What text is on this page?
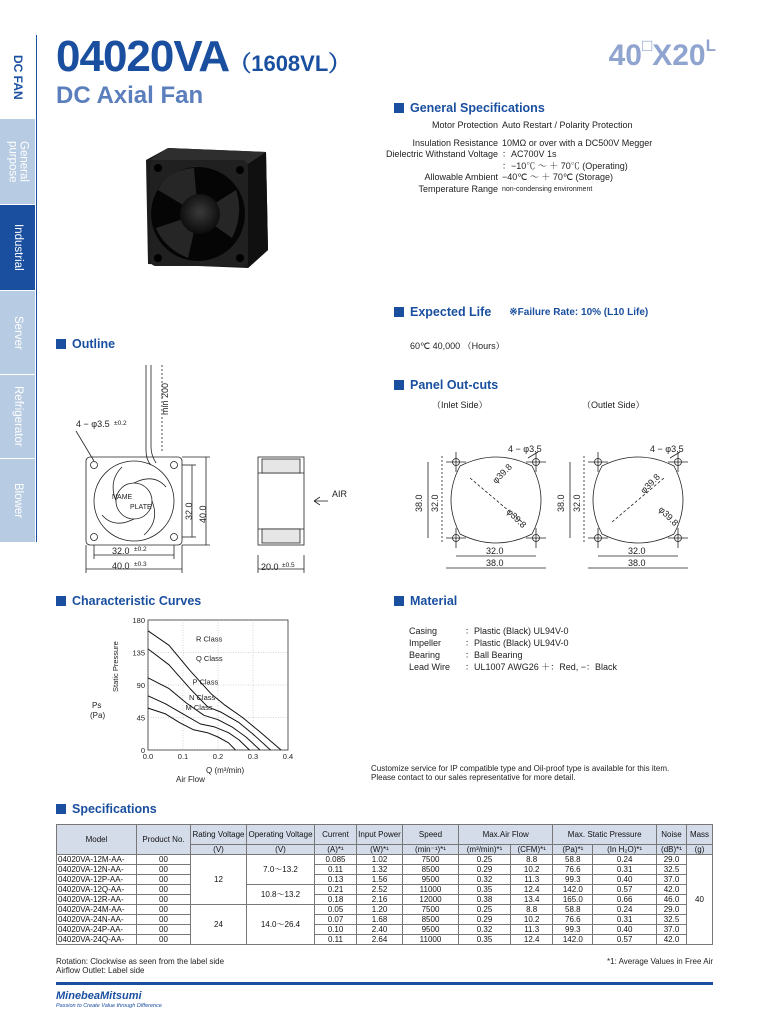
DC FAN
General
purpose
Industrial
Server
Refrigerator
Blower
04020VA（1608VL）
DC Axial Fan
$40^□X20^L$
General Specifications
Motor Protection Auto Restart / Polarity Protection
Insulation Resistance 10MΩ or over with a DC500V Megger
Dielectric Withstand Voltage ：AC700V 1s
：−10℃ ～ ＋ 70℃ (Operating)
Allowable Ambient −40℃ ～ ＋ 70℃ (Storage)
Temperature Range non-condensing environment
Expected Life ※Failure Rate: 10% (L10 Life)
60℃ 40,000 （Hours）
Outline
4 − φ3.5 ±0.2
min 200
NAME
PLATE
32.0 ±0.2
40.0 ±0.3
32.0 40.0
20.0 ±0.5
AIR
Panel Out-cuts
（Inlet Side）	（Outlet Side）
4 − φ3.5
38.0 32.0
32.0
38.0
φ39.8
φ39.8
4 − φ3.5
38.0 32.0
32.0
38.0
φ39.8
φ39.8
Characteristic Curves
R Class
Q Class
P Class
N Class
M Class
0.0	0.1	0.2	0.3	0.4
0
45
90
135
180
Static Pressure
Ps
(Pa)
Q (m³/min)
Air Flow
Material
Casing	：Plastic (Black) UL94V-0
Impeller	：Plastic (Black) UL94V-0
Bearing	：Ball Bearing
Lead Wire	：UL1007 AWG26 ＋：Red, −：Black
Customize service for IP compatible type and Oil-proof type is available for this item.
Please contact to our sales representative for more detail.
Specifications
Model	Product No.	Rating Voltage	Operating Voltage	Current	Input Power	Speed	Max.Air Flow		Max. Static Pressure		Noise	Mass
		(V)	(V)	(A)*¹	(W)*¹	(min⁻¹)*¹	(m³/min)*¹	(CFM)*¹	(Pa)*¹	(In H₂O)*¹	(dB)*¹	(g)
04020VA-12M-AA-	00	12	7.0～13.2	0.085	1.02	7500	0.25	8.8	58.8	0.24	29.0	40
04020VA-12N-AA-	00			0.11	1.32	8500	0.29	10.2	76.6	0.31	32.5	
04020VA-12P-AA-	00			0.13	1.56	9500	0.32	11.3	99.3	0.40	37.0	
04020VA-12Q-AA-	00		10.8～13.2	0.21	2.52	11000	0.35	12.4	142.0	0.57	42.0	
04020VA-12R-AA-	00			0.18	2.16	12000	0.38	13.4	165.0	0.66	46.0	
04020VA-24M-AA-	00	24	14.0～26.4	0.05	1.20	7500	0.25	8.8	58.8	0.24	29.0	
04020VA-24N-AA-	00			0.07	1.68	8500	0.29	10.2	76.6	0.31	32.5	
04020VA-24P-AA-	00			0.10	2.40	9500	0.32	11.3	99.3	0.40	37.0	
04020VA-24Q-AA-	00			0.11	2.64	11000	0.35	12.4	142.0	0.57	42.0	
Rotation: Clockwise as seen from the label side
Airflow Outlet: Label side
*1: Average Values in Free Air
MinebeaMitsumi
Passion to Create Value through Difference
